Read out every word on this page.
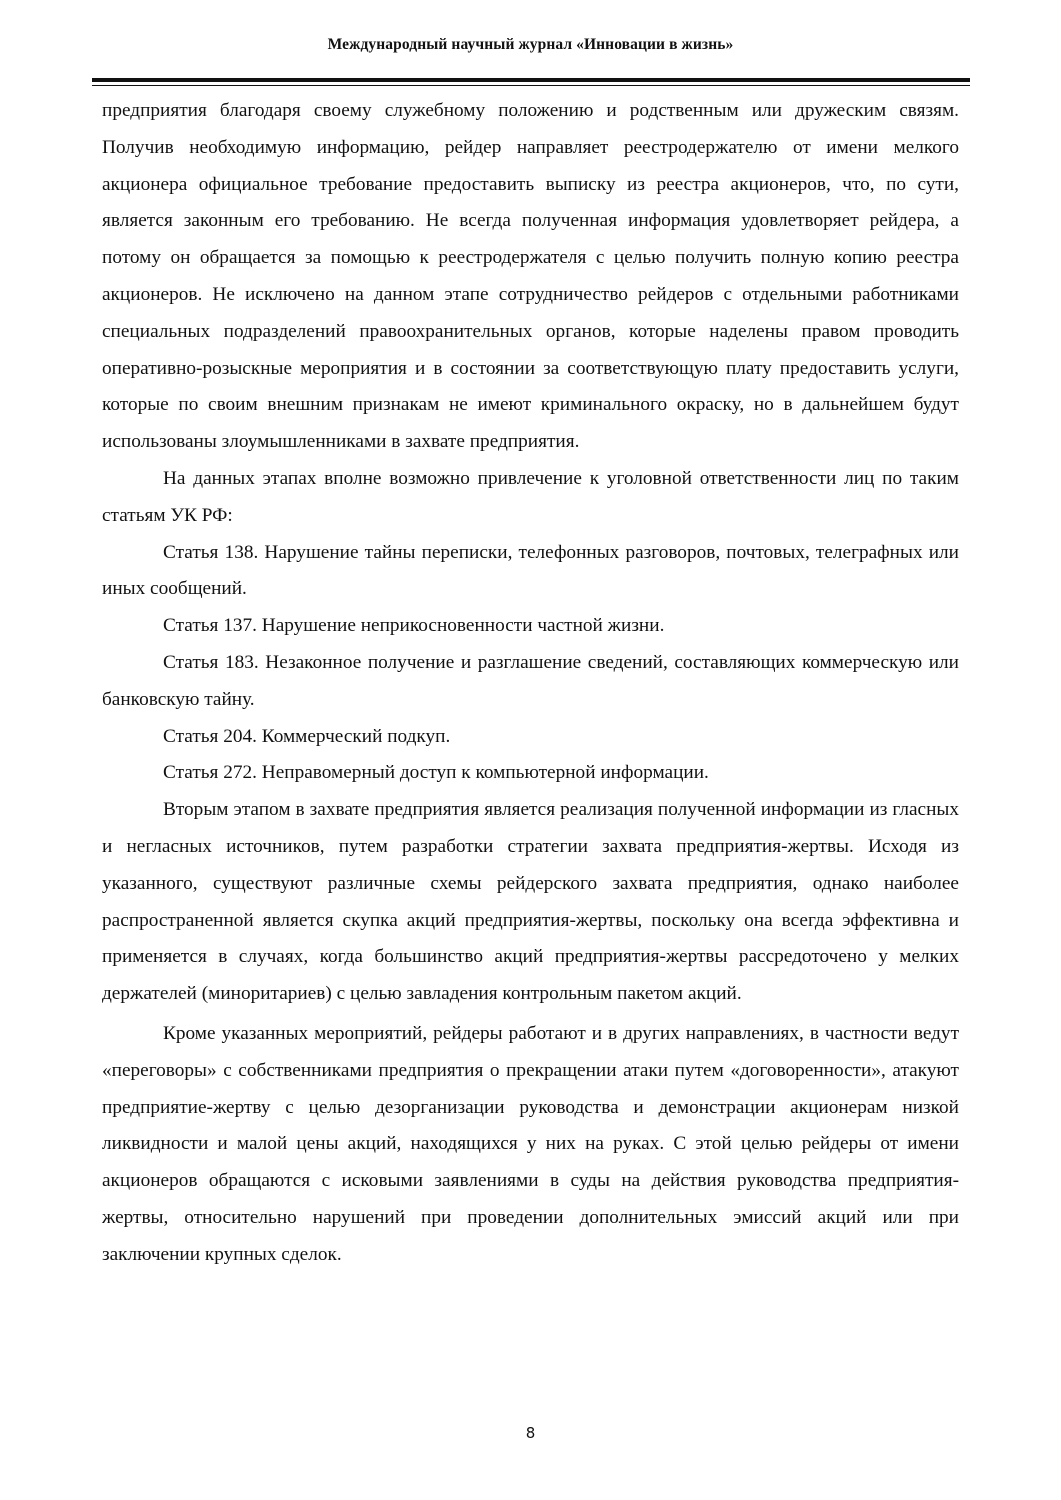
Международный научный журнал «Инновации в жизнь»

предприятия благодаря своему служебному положению и родственным или дружеским связям. Получив необходимую информацию, рейдер направляет реестродержателю от имени мелкого акционера официальное требование предоставить выписку из реестра акционеров, что, по сути, является законным его требованию. Не всегда полученная информация удовлетворяет рейдера, а потому он обращается за помощью к реестродержателя с целью получить полную копию реестра акционеров. Не исключено на данном этапе сотрудничество рейдеров с отдельными работниками специальных подразделений правоохранительных органов, которые наделены правом проводить оперативно-розыскные мероприятия и в состоянии за соответствующую плату предоставить услуги, которые по своим внешним признакам не имеют криминального окраску, но в дальнейшем будут использованы злоумышленниками в захвате предприятия.

На данных этапах вполне возможно привлечение к уголовной ответственности лиц по таким статьям УК РФ:

Статья 138. Нарушение тайны переписки, телефонных разговоров, почтовых, телеграфных или иных сообщений.

Статья 137. Нарушение неприкосновенности частной жизни.

Статья 183. Незаконное получение и разглашение сведений, составляющих коммерческую или банковскую тайну.

Статья 204. Коммерческий подкуп.

Статья 272. Неправомерный доступ к компьютерной информации.

Вторым этапом в захвате предприятия является реализация полученной информации из гласных и негласных источников, путем разработки стратегии захвата предприятия-жертвы. Исходя из указанного, существуют различные схемы рейдерского захвата предприятия, однако наиболее распространенной является скупка акций предприятия-жертвы, поскольку она всегда эффективна и применяется в случаях, когда большинство акций предприятия-жертвы рассредоточено у мелких держателей (миноритариев) с целью завладения контрольным пакетом акций.

Кроме указанных мероприятий, рейдеры работают и в других направлениях, в частности ведут «переговоры» с собственниками предприятия о прекращении атаки путем «договоренности», атакуют предприятие-жертву с целью дезорганизации руководства и демонстрации акционерам низкой ликвидности и малой цены акций, находящихся у них на руках. С этой целью рейдеры от имени акционеров обращаются с исковыми заявлениями в суды на действия руководства предприятия-жертвы, относительно нарушений при проведении дополнительных эмиссий акций или при заключении крупных сделок.

8
